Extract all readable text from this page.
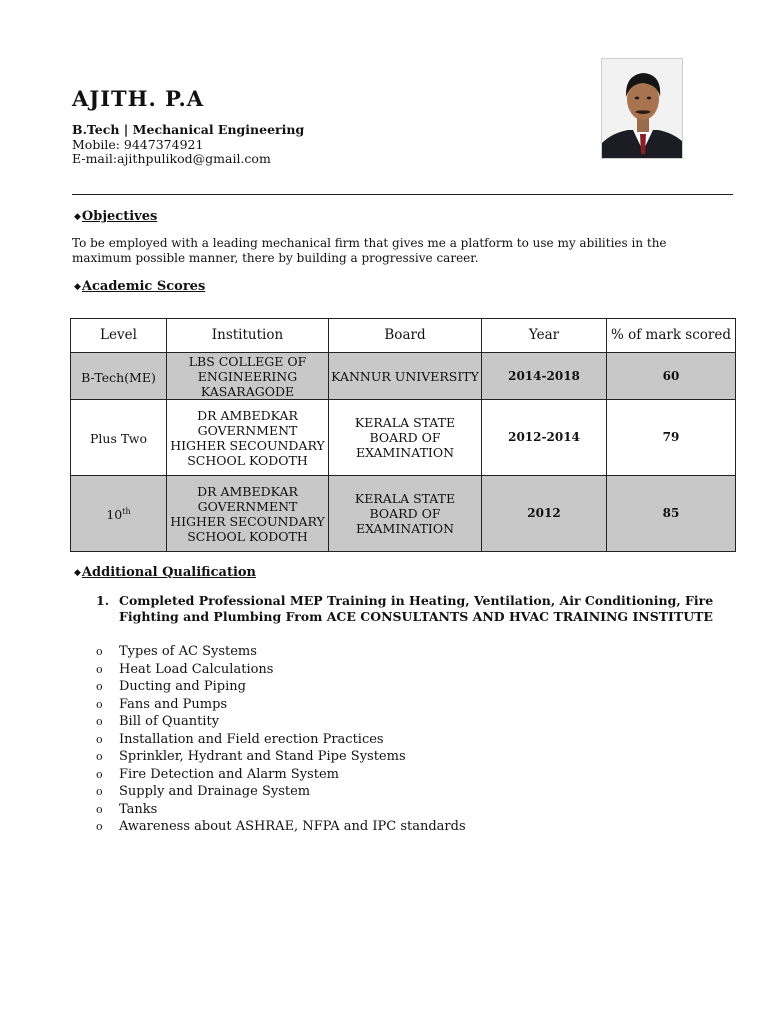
AJITH. P.A
B.Tech | Mechanical Engineering
Mobile: 9447374921
E-mail:ajithpulikod@gmail.com
◆Objectives
To be employed with a leading mechanical firm that gives me a platform to use my abilities in the maximum possible manner, there by building a progressive career.
◆Academic Scores
Level	Institution	Board	Year	% of mark scored
B-Tech(ME)	LBS COLLEGE OF ENGINEERING KASARAGODE	KANNUR UNIVERSITY	2014-2018	60
Plus Two	DR AMBEDKAR GOVERNMENT HIGHER SECOUNDARY SCHOOL KODOTH	KERALA STATE BOARD OF EXAMINATION	2012-2014	79
10th	DR AMBEDKAR GOVERNMENT HIGHER SECOUNDARY SCHOOL KODOTH	KERALA STATE BOARD OF EXAMINATION	2012	85
◆Additional Qualification
1. Completed Professional MEP Training in Heating, Ventilation, Air Conditioning, Fire Fighting and Plumbing From ACE CONSULTANTS AND HVAC TRAINING INSTITUTE
o Types of AC Systems
o Heat Load Calculations
o Ducting and Piping
o Fans and Pumps
o Bill of Quantity
o Installation and Field erection Practices
o Sprinkler, Hydrant and Stand Pipe Systems
o Fire Detection and Alarm System
o Supply and Drainage System
o Tanks
o Awareness about ASHRAE, NFPA and IPC standards
